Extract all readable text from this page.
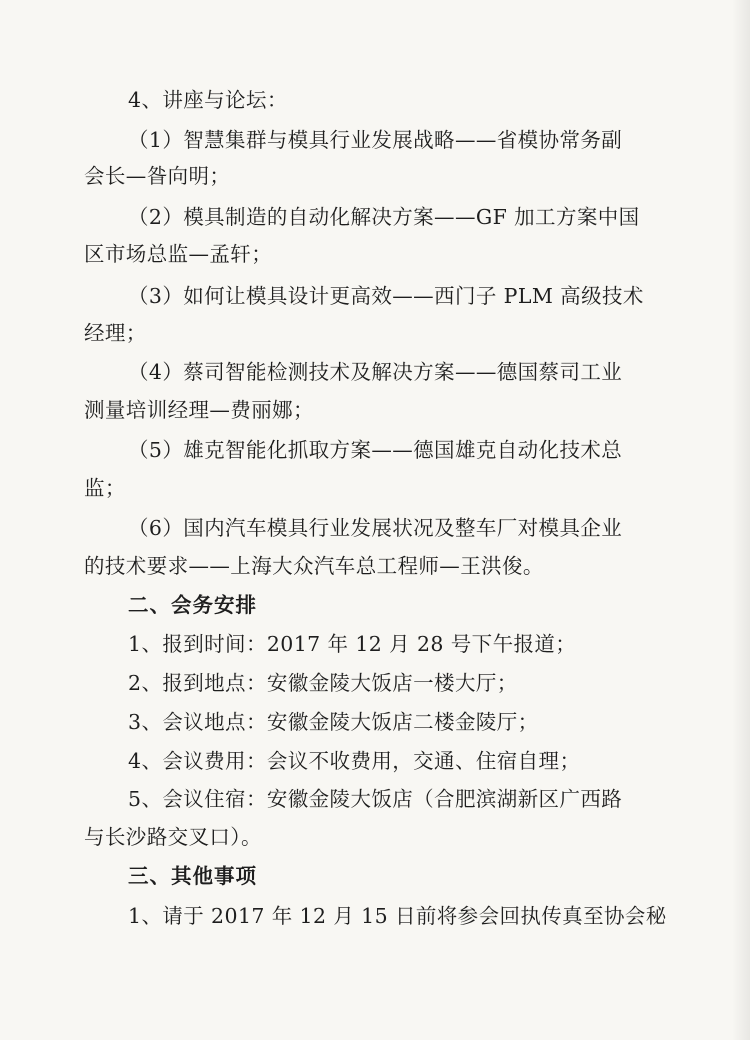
4、讲座与论坛：
（1）智慧集群与模具行业发展战略——省模协常务副
会长—昝向明；
（2）模具制造的自动化解决方案——GF 加工方案中国
区市场总监—孟轩；
（3）如何让模具设计更高效——西门子 PLM 高级技术
经理；
（4）蔡司智能检测技术及解决方案——德国蔡司工业
测量培训经理—费丽娜；
（5）雄克智能化抓取方案——德国雄克自动化技术总
监；
（6）国内汽车模具行业发展状况及整车厂对模具企业
的技术要求——上海大众汽车总工程师—王洪俊。
二、会务安排
1、报到时间：2017 年 12 月 28 号下午报道；
2、报到地点：安徽金陵大饭店一楼大厅；
3、会议地点：安徽金陵大饭店二楼金陵厅；
4、会议费用：会议不收费用，交通、住宿自理；
5、会议住宿：安徽金陵大饭店（合肥滨湖新区广西路
与长沙路交叉口）。
三、其他事项
1、请于 2017 年 12 月 15 日前将参会回执传真至协会秘
